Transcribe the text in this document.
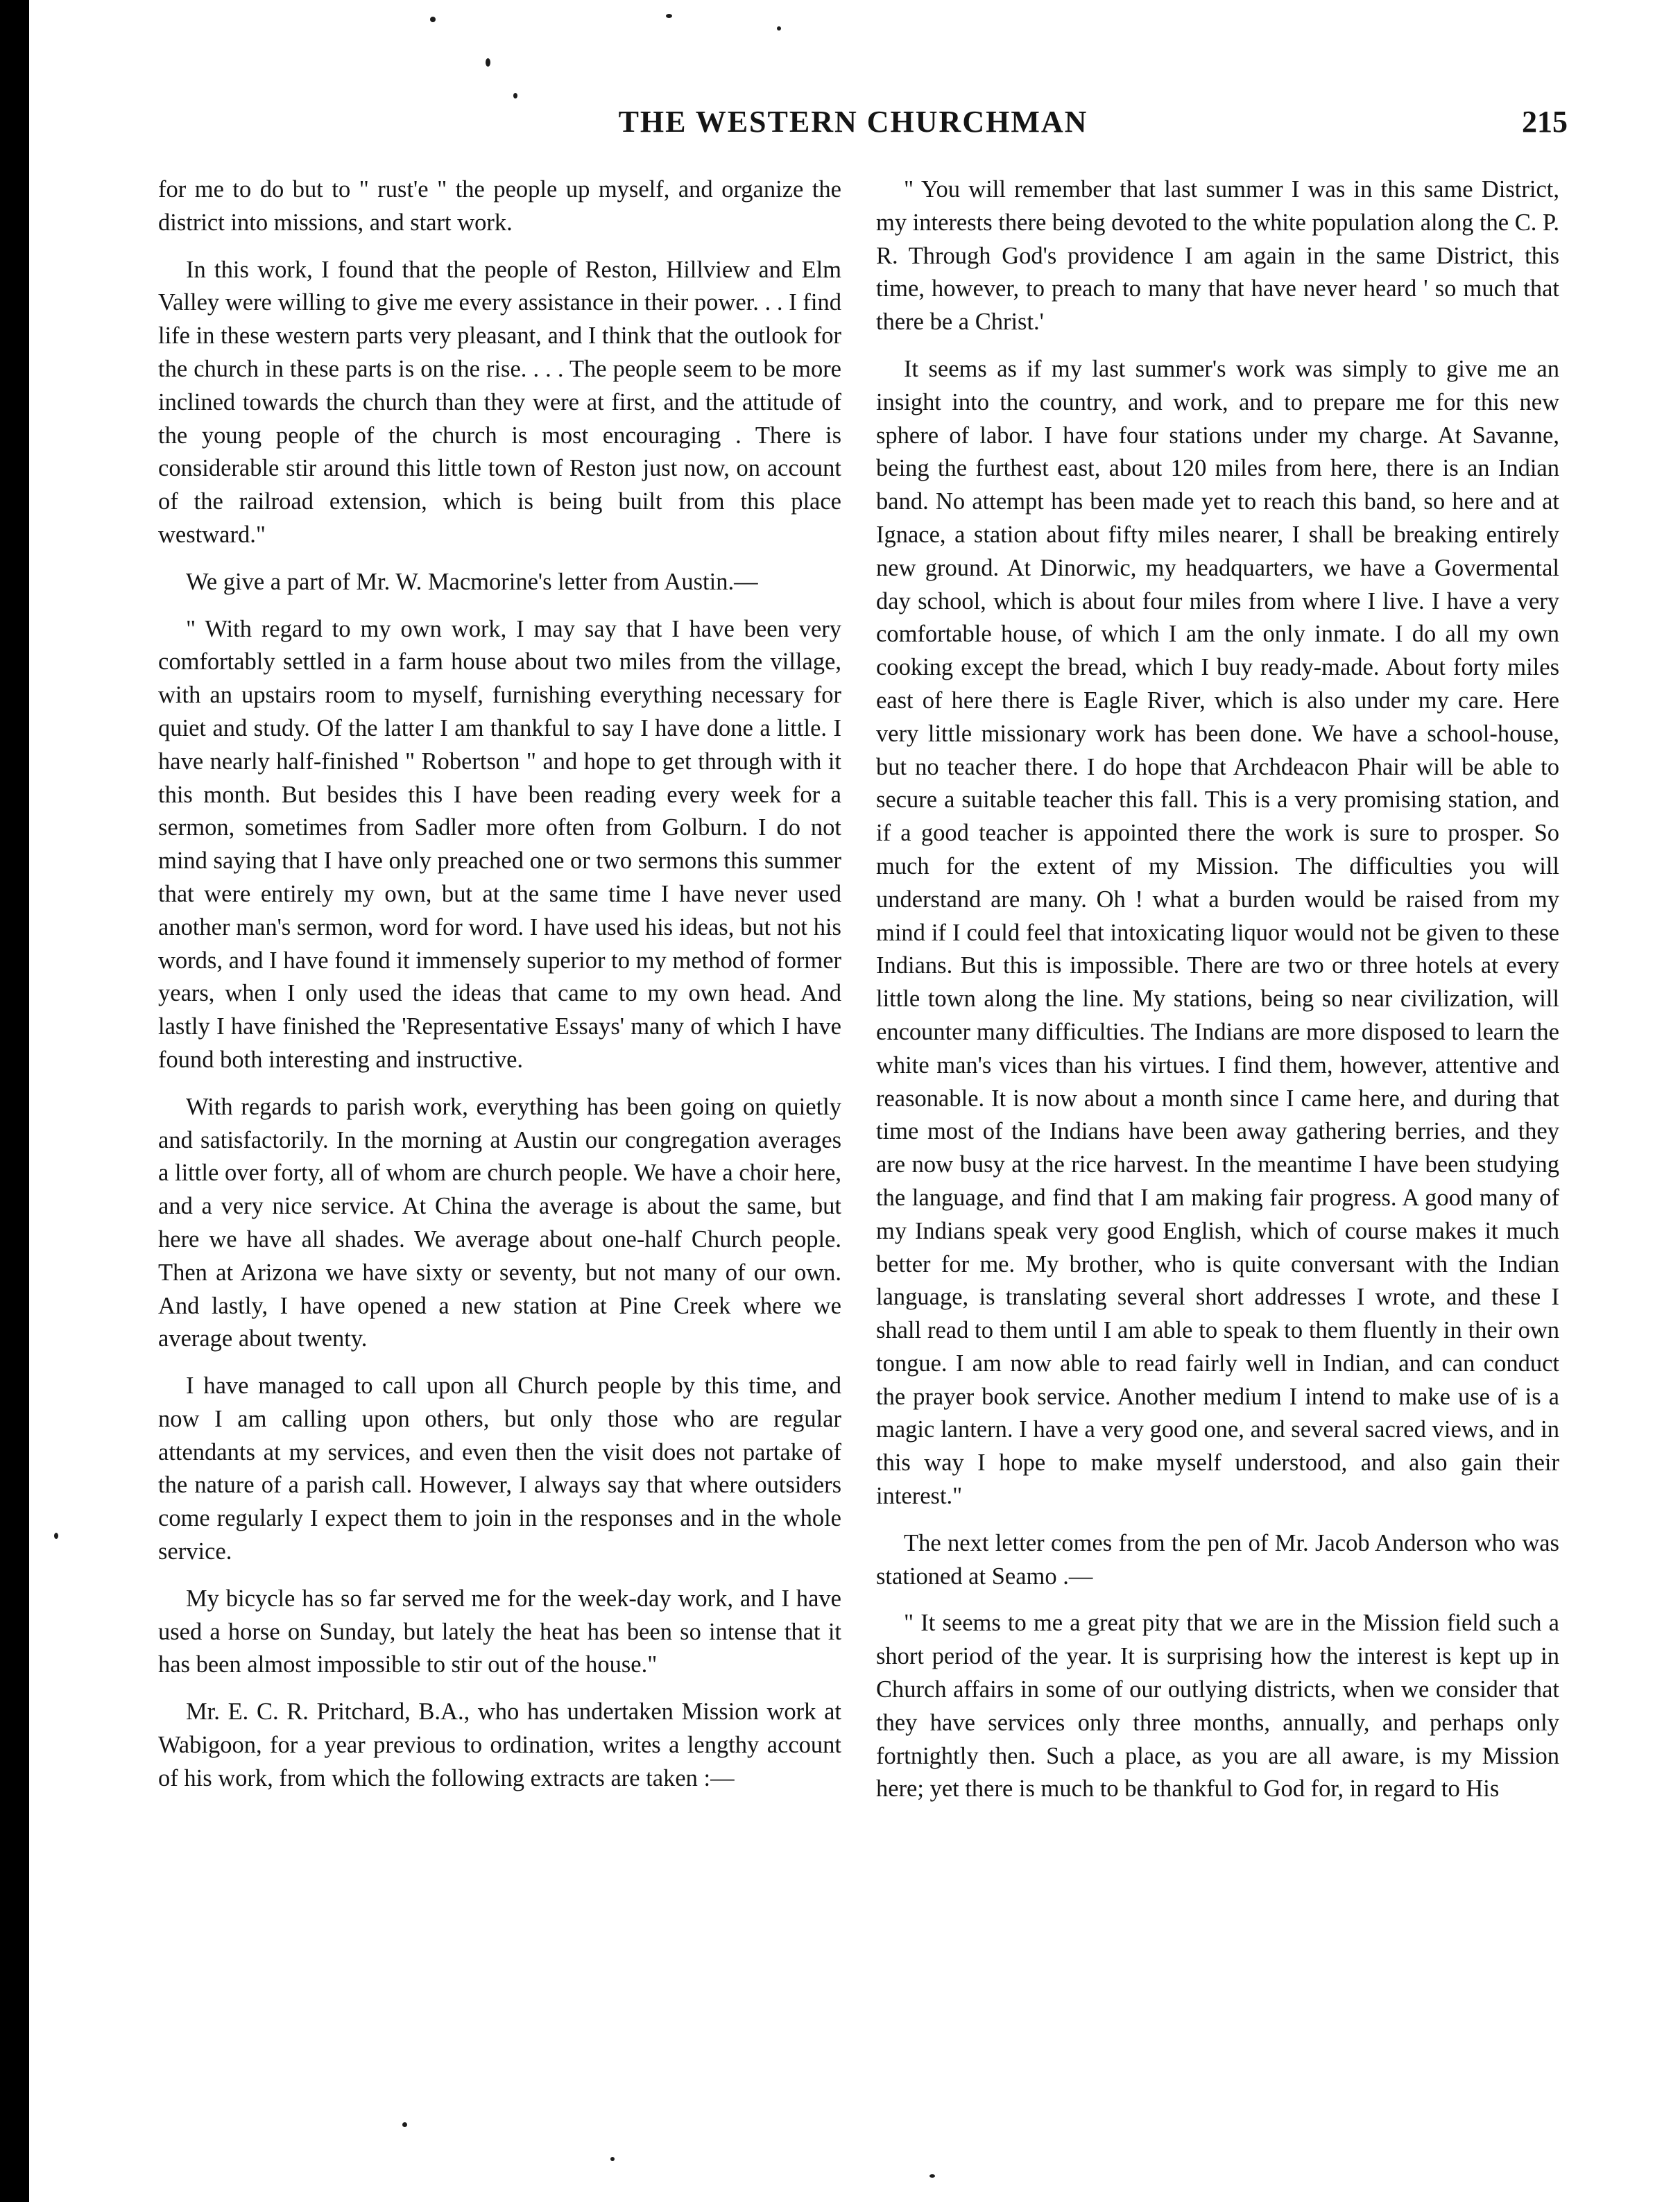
THE WESTERN CHURCHMAN	215

for me to do but to " rust'e " the people up myself, and organize the district into missions, and start work.

In this work, I found that the people of Reston, Hillview and Elm Valley were willing to give me every assistance in their power. . . I find life in these western parts very pleasant, and I think that the outlook for the church in these parts is on the rise. . . . The people seem to be more inclined towards the church than they were at first, and the attitude of the young people of the church is most encouraging . There is considerable stir around this little town of Reston just now, on account of the railroad extension, which is being built from this place westward."

We give a part of Mr. W. Macmorine's letter from Austin.—

" With regard to my own work, I may say that I have been very comfortably settled in a farm house about two miles from the village, with an upstairs room to myself, furnishing everything necessary for quiet and study. Of the latter I am thankful to say I have done a little. I have nearly half-finished " Robertson " and hope to get through with it this month. But besides this I have been reading every week for a sermon, sometimes from Sadler more often from Golburn. I do not mind saying that I have only preached one or two sermons this summer that were entirely my own, but at the same time I have never used another man's sermon, word for word. I have used his ideas, but not his words, and I have found it immensely superior to my method of former years, when I only used the ideas that came to my own head. And lastly I have finished the 'Representative Essays' many of which I have found both interesting and instructive.

With regards to parish work, everything has been going on quietly and satisfactorily. In the morning at Austin our congregation averages a little over forty, all of whom are church people. We have a choir here, and a very nice service. At China the average is about the same, but here we have all shades. We average about one-half Church people. Then at Arizona we have sixty or seventy, but not many of our own. And lastly, I have opened a new station at Pine Creek where we average about twenty.

I have managed to call upon all Church people by this time, and now I am calling upon others, but only those who are regular attendants at my services, and even then the visit does not partake of the nature of a parish call. However, I always say that where outsiders come regularly I expect them to join in the responses and in the whole service.

My bicycle has so far served me for the week-day work, and I have used a horse on Sunday, but lately the heat has been so intense that it has been almost impossible to stir out of the house."

Mr. E. C. R. Pritchard, B.A., who has undertaken Mission work at Wabigoon, for a year previous to ordination, writes a lengthy account of his work, from which the following extracts are taken :—

" You will remember that last summer I was in this same District, my interests there being devoted to the white population along the C. P. R. Through God's providence I am again in the same District, this time, however, to preach to many that have never heard ' so much that there be a Christ.'

It seems as if my last summer's work was simply to give me an insight into the country, and work, and to prepare me for this new sphere of labor. I have four stations under my charge. At Savanne, being the furthest east, about 120 miles from here, there is an Indian band. No attempt has been made yet to reach this band, so here and at Ignace, a station about fifty miles nearer, I shall be breaking entirely new ground. At Dinorwic, my headquarters, we have a Govermental day school, which is about four miles from where I live. I have a very comfortable house, of which I am the only inmate. I do all my own cooking except the bread, which I buy ready-made. About forty miles east of here there is Eagle River, which is also under my care. Here very little missionary work has been done. We have a school-house, but no teacher there. I do hope that Archdeacon Phair will be able to secure a suitable teacher this fall. This is a very promising station, and if a good teacher is appointed there the work is sure to prosper. So much for the extent of my Mission. The difficulties you will understand are many. Oh ! what a burden would be raised from my mind if I could feel that intoxicating liquor would not be given to these Indians. But this is impossible. There are two or three hotels at every little town along the line. My stations, being so near civilization, will encounter many difficulties. The Indians are more disposed to learn the white man's vices than his virtues. I find them, however, attentive and reasonable. It is now about a month since I came here, and during that time most of the Indians have been away gathering berries, and they are now busy at the rice harvest. In the meantime I have been studying the language, and find that I am making fair progress. A good many of my Indians speak very good English, which of course makes it much better for me. My brother, who is quite conversant with the Indian language, is translating several short addresses I wrote, and these I shall read to them until I am able to speak to them fluently in their own tongue. I am now able to read fairly well in Indian, and can conduct the prayer book service. Another medium I intend to make use of is a magic lantern. I have a very good one, and several sacred views, and in this way I hope to make myself understood, and also gain their interest."

The next letter comes from the pen of Mr. Jacob Anderson who was stationed at Seamo .—

" It seems to me a great pity that we are in the Mission field such a short period of the year. It is surprising how the interest is kept up in Church affairs in some of our outlying districts, when we consider that they have services only three months, annually, and perhaps only fortnightly then. Such a place, as you are all aware, is my Mission here; yet there is much to be thankful to God for, in regard to His
